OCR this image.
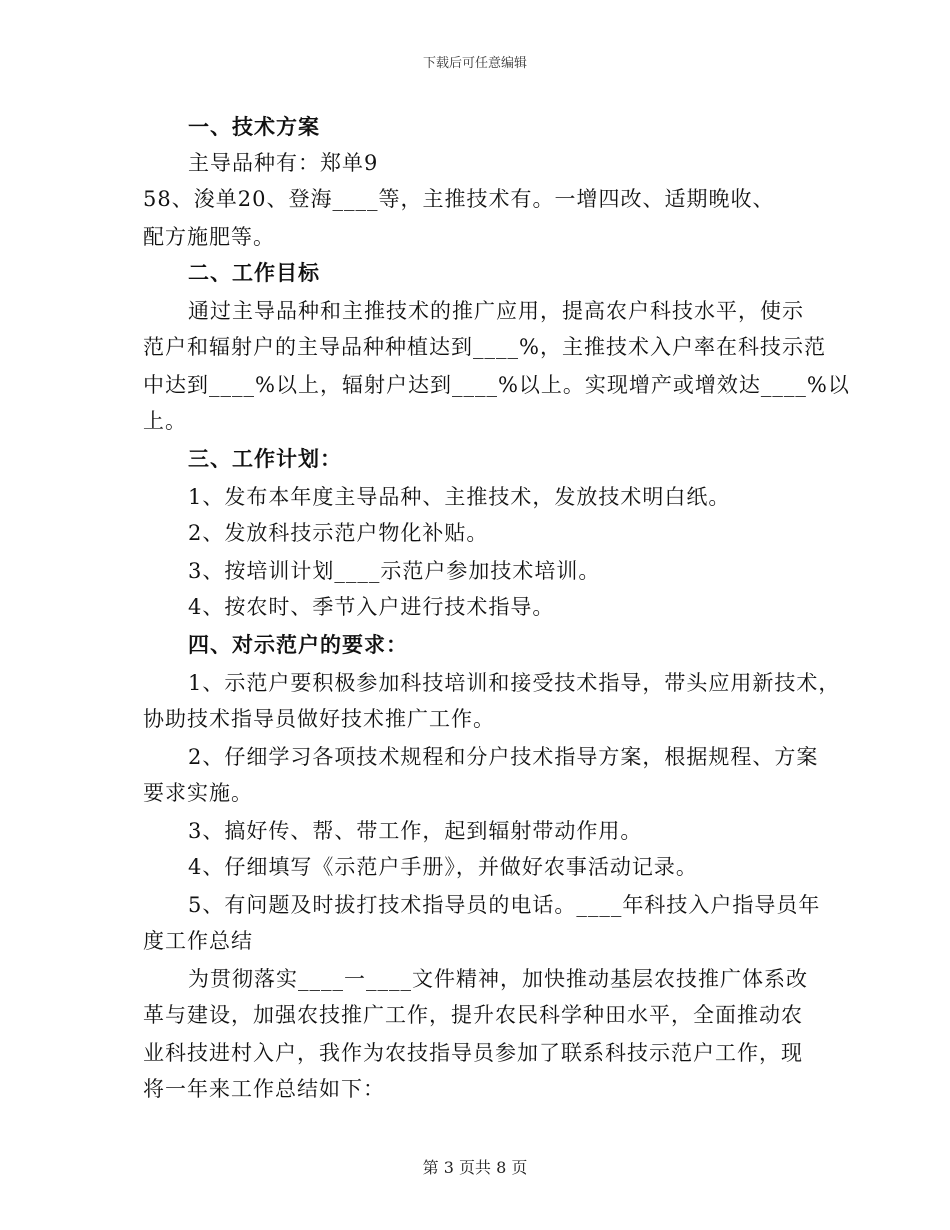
下载后可任意编辑
一、技术方案
主导品种有：郑单9
58、浚单20、登海____等，主推技术有。一增四改、适期晚收、
配方施肥等。
二、工作目标
通过主导品种和主推技术的推广应用，提高农户科技水平，使示
范户和辐射户的主导品种种植达到____%，主推技术入户率在科技示范
中达到____%以上，辐射户达到____%以上。实现增产或增效达____%以
上。
三、工作计划：
1、发布本年度主导品种、主推技术，发放技术明白纸。
2、发放科技示范户物化补贴。
3、按培训计划____示范户参加技术培训。
4、按农时、季节入户进行技术指导。
四、对示范户的要求：
1、示范户要积极参加科技培训和接受技术指导，带头应用新技术，
协助技术指导员做好技术推广工作。
2、仔细学习各项技术规程和分户技术指导方案，根据规程、方案
要求实施。
3、搞好传、帮、带工作，起到辐射带动作用。
4、仔细填写《示范户手册》，并做好农事活动记录。
5、有问题及时拔打技术指导员的电话。____年科技入户指导员年
度工作总结
为贯彻落实____一____文件精神，加快推动基层农技推广体系改
革与建设，加强农技推广工作，提升农民科学种田水平，全面推动农
业科技进村入户，我作为农技指导员参加了联系科技示范户工作，现
将一年来工作总结如下：
第 3 页共 8 页
